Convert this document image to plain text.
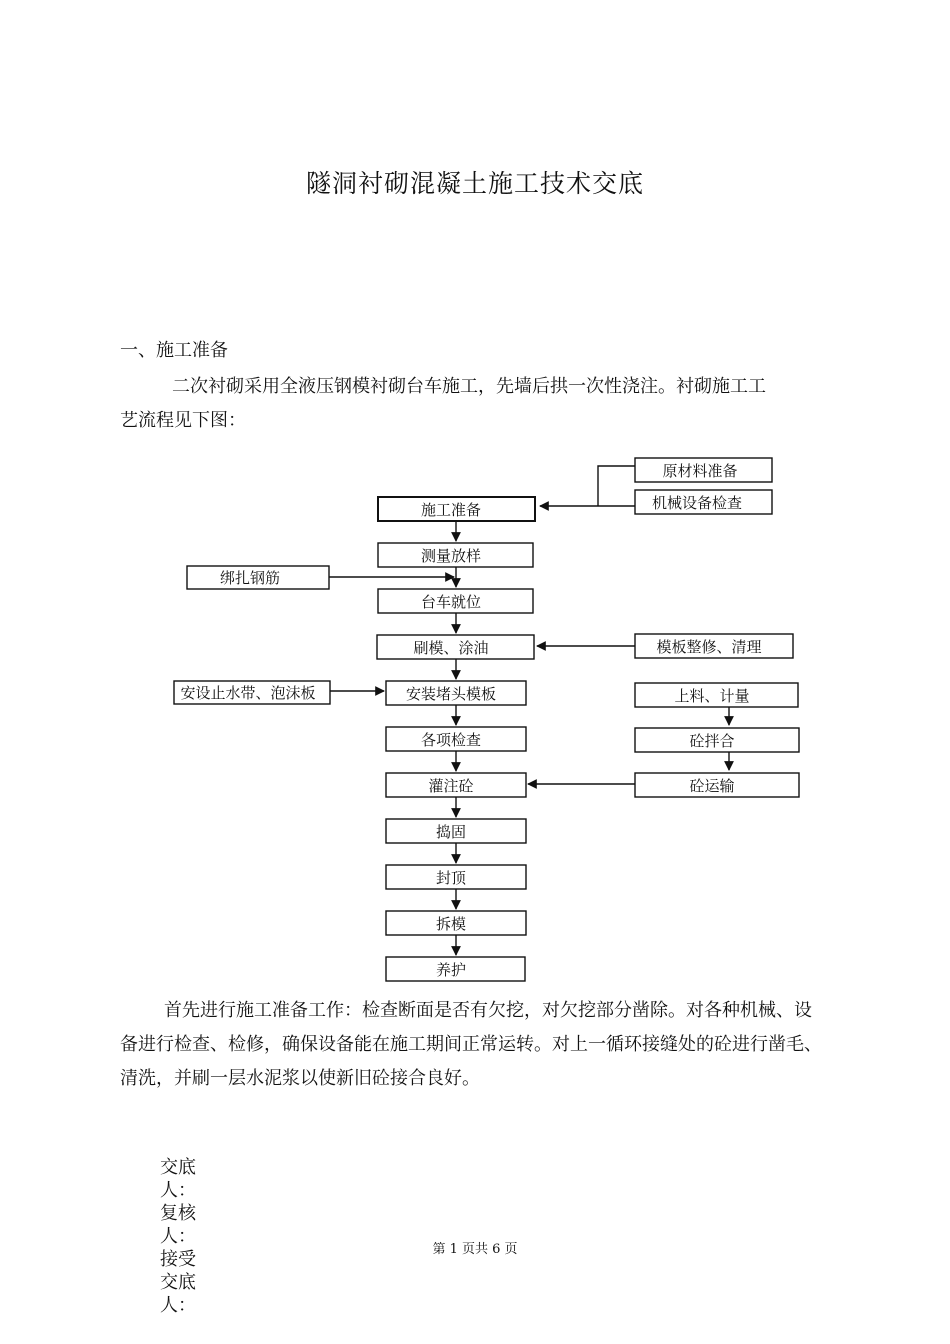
隧洞衬砌混凝土施工技术交底
一、施工准备
二次衬砌采用全液压钢模衬砌台车施工，先墙后拱一次性浇注。衬砌施工工
艺流程见下图：
施工准备
测量放样
台车就位
刷模、涂油
安装堵头模板
各项检查
灌注砼
捣固
封顶
拆模
养护
原材料准备
机械设备检查
绑扎钢筋
安设止水带、泡沫板
模板整修、清理
上料、计量
砼拌合
砼运输
首先进行施工准备工作：检查断面是否有欠挖，对欠挖部分凿除。对各种机械、设
备进行检查、检修，确保设备能在施工期间正常运转。对上一循环接缝处的砼进行凿毛、
清洗，并刷一层水泥浆以使新旧砼接合良好。
交底
人：
复核
人：
接受
交底
人：
第 1 页共 6 页
